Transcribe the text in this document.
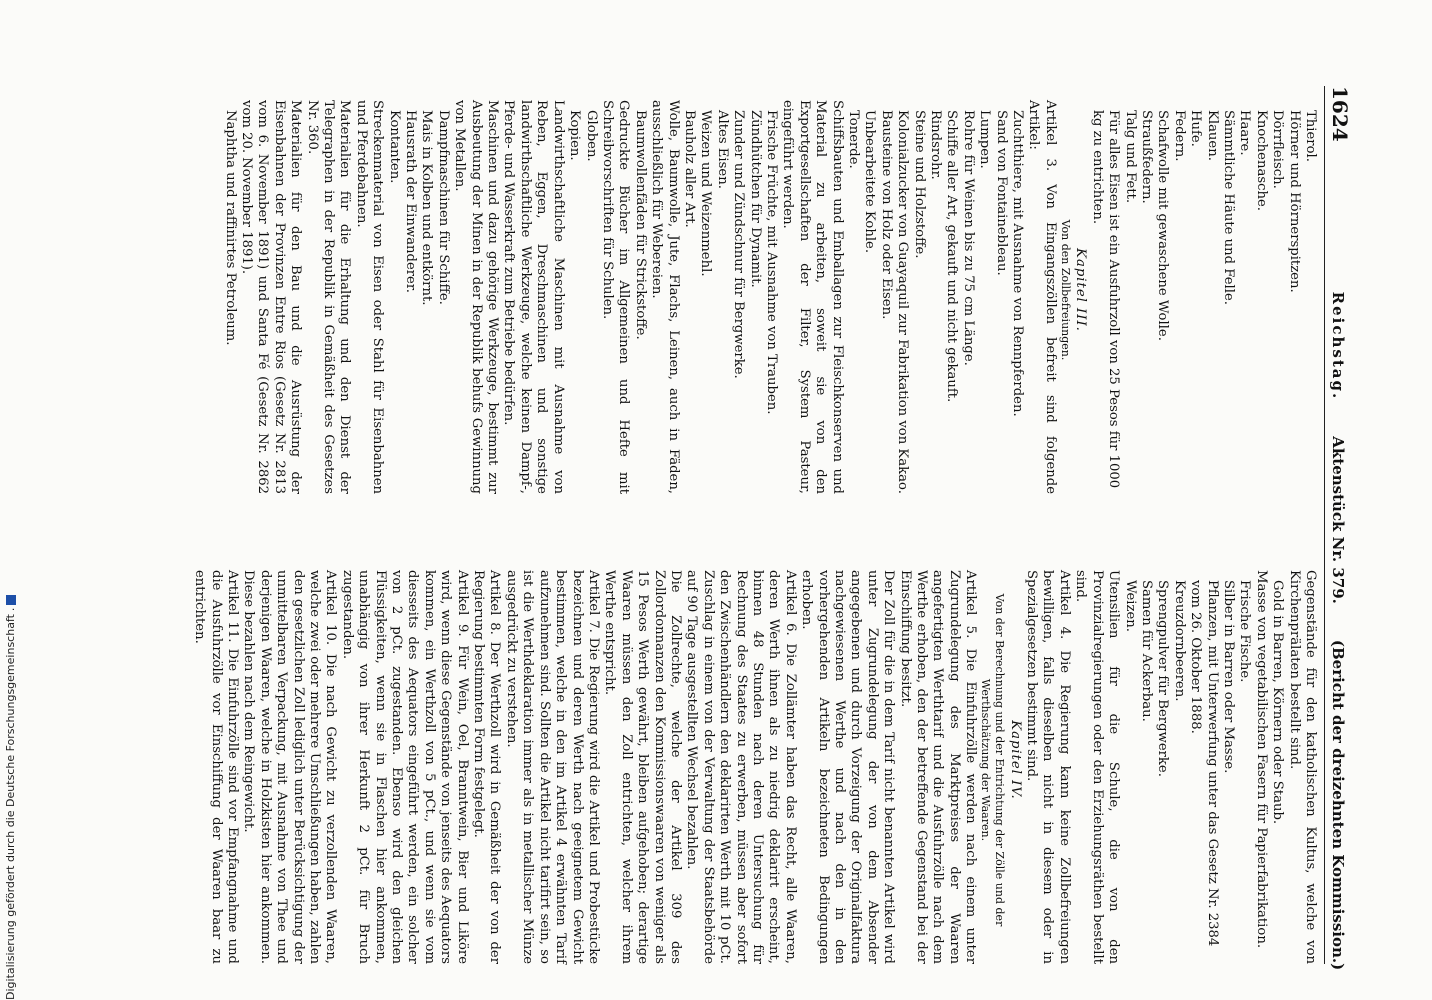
1624
Reichstag.
Aktenstück Nr. 379.
(Bericht der dreizehnten Kommission.)

Thierol.

Hörner und Hörnerspitzen.

Dörrfleisch.

Knochenasche.

Haare.

Sämmtliche Häute und Felle.

Klauen.

Hufe.

Federn.

Schafwolle mit gewaschene Wolle.

Straußfedern.

Talg und Fett.

Für alles Eisen ist ein Ausfuhrzoll von 25 Pesos für 1000 kg zu entrichten.

Kapitel III.

Von den Zollbefreiungen.

Artikel 3. Von Eingangszöllen befreit sind folgende Artikel:

Zuchtthiere, mit Ausnahme von Rennpferden.

Sand von Fontainebleau.

Lumpen.

Rohre für Weinen bis zu 75 cm Länge.

Schiffe aller Art, gekauft und nicht gekauft.

Rindsrohr.

Steine und Holzstoffe.

Kolonialzucker von Guayaquil zur Fabrikation von Kakao.

Bausteine von Holz oder Eisen.

Unbearbeitete Kohle.

Tonerde.

Schiffsbauten und Emballagen zur Fleischkonserven und Material zu arbeiten, soweit sie von den Exportgesellschaften der Filter, System Pasteur, eingeführt werden.

Frische Früchte, mit Ausnahme von Trauben.

Zündhütchen für Dynamit.

Zunder und Zündschnur für Bergwerke.

Altes Eisen.

Weizen und Weizenmehl.

Bauholz aller Art.

Wolle, Baumwolle, Jute, Flachs, Leinen, auch in Fäden, ausschließlich für Webereien.

Baumwollenfäden für Strickstoffe.

Gedruckte Bücher im Allgemeinen und Hefte mit Schreibvorschriften für Schulen.

Globen.

Kopien.

Landwirthschaftliche Maschinen mit Ausnahme von Reben, Eggen, Dreschmaschinen und sonstige landwirthschaftliche Werkzeuge, welche keinen Dampf-, Pferde- und Wasserkraft zum Betriebe bedürfen.

Maschinen und dazu gehörige Werkzeuge, bestimmt zur Ausbeutung der Minen in der Republik behufs Gewinnung von Metallen.

Dampfmaschinen für Schiffe.

Mais in Kolben und entkörnt.

Hausrath der Einwanderer.

Kontanten.

Streckenmaterial von Eisen oder Stahl für Eisenbahnen und Pferdebahnen.

Materialien für die Erhaltung und den Dienst der Telegraphen in der Republik in Gemäßheit des Gesetzes Nr. 360.

Materialien für den Bau und die Ausrüstung der Eisenbahnen der Provinzen Entre Rios (Gesetz Nr. 2813 vom 6. November 1891) und Santa Fé (Gesetz Nr. 2862 vom 20. November 1891).

Naphtha und raffinirtes Petroleum.

Gegenstände für den katholischen Kultus, welche von Kirchenprälaten bestellt sind.

Gold in Barren, Körnern oder Staub.

Masse von vegetabilischen Fasern für Papierfabrikation.

Frische Fische.

Silber in Barren oder Masse.

Pflanzen, mit Unterwerfung unter das Gesetz Nr. 2384 vom 26. Oktober 1888.

Kreuzdornbeeren.

Sprengpulver für Bergwerke.

Samen für Ackerbau.

Weizen.

Utensilien für die Schule, die von den Provinzialregierungen oder den Erziehungsräthen bestellt sind.

Artikel 4. Die Regierung kann keine Zollbefreiungen bewilligen, falls dieselben nicht in diesem oder in Spezialgesetzen bestimmt sind.

Kapitel IV.

Von der Berechnung und der Entrichtung der Zölle und der Werthschätzung der Waaren.

Artikel 5. Die Einfuhrzölle werden nach einem unter Zugrundelegung des Marktpreises der Waaren angefertigten Werthtarif und die Ausfuhrzölle nach dem Werthe erhoben, den der betreffende Gegenstand bei der Einschiffung besitzt.

Der Zoll für die in dem Tarif nicht benannten Artikel wird unter Zugrundelegung der von dem Absender angegebenen und durch Vorzeigung der Originalfaktura nachgewiesenen Werthe und nach den in den vorhergehenden Artikeln bezeichneten Bedingungen erhoben.

Artikel 6. Die Zollämter haben das Recht, alle Waaren, deren Werth ihnen als zu niedrig deklarirt erscheint, binnen 48 Stunden nach deren Untersuchung für Rechnung des Staates zu erwerben, müssen aber sofort den Zwischenhändlern den deklarirten Werth mit 10 pCt. Zuschlag in einem von der Verwaltung der Staatsbehörde auf 90 Tage ausgestellten Wechsel bezahlen.

Die Zollrechte, welche der Artikel 309 des Zollordonnanzen den Kommissionswaaren von weniger als 15 Pesos Werth gewährt, bleiben aufgehoben; derartige Waaren müssen den Zoll entrichten, welcher ihrem Werthe entspricht.

Artikel 7. Die Regierung wird die Artikel und Probestücke bezeichnen und deren Werth nach geeignetem Gewicht bestimmen, welche in den im Artikel 4 erwähnten Tarif aufzunehmen sind. Sollten die Artikel nicht tarifirt sein, so ist die Werthdeklaration immer als in metallischer Münze ausgedrückt zu verstehen.

Artikel 8. Der Werthzoll wird in Gemäßheit der von der Regierung bestimmten Form festgelegt.

Artikel 9. Für Wein, Oel, Branntwein, Bier und Liköre wird, wenn diese Gegenstände von jenseits des Aequators kommen, ein Werthzoll von 5 pCt., und wenn sie vom diesseits des Aequators eingeführt werden, ein solcher von 2 pCt. zugestanden. Ebenso wird den gleichen Flüssigkeiten, wenn sie in Flaschen hier ankommen, unabhängig von ihrer Herkunft 2 pCt. für Bruch zugestanden.

Artikel 10. Die nach Gewicht zu verzollenden Waaren, welche zwei oder mehrere Umschließungen haben, zahlen den gesetzlichen Zoll lediglich unter Berücksichtigung der unmittelbaren Verpackung, mit Ausnahme von Thee und derjenigen Waaren, welche in Holzkisten hier ankommen. Diese bezahlen nach dem Reingewicht.

Artikel 11. Die Einfuhrzölle sind vor Empfangnahme und die Ausfuhrzölle vor Einschiffung der Waaren baar zu entrichten.

Digitalisierung gefördert durch die Deutsche Forschungsgemeinschaft
.
